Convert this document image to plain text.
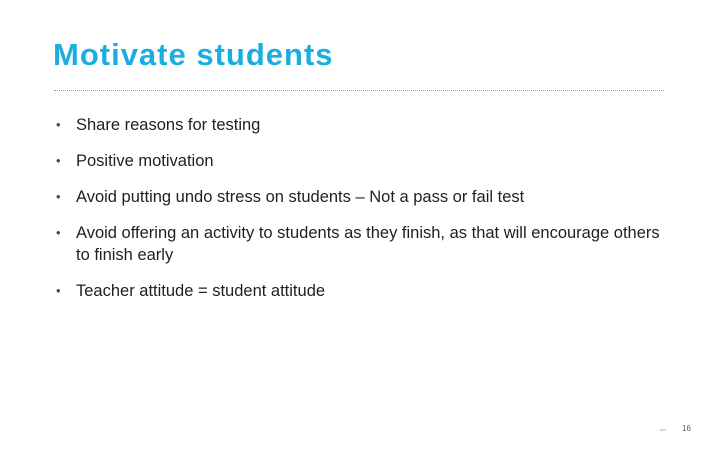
Motivate students
• Share reasons for testing
• Positive motivation
• Avoid putting undo stress on students – Not a pass or fail test
• Avoid offering an activity to students as they finish, as that will encourage others to finish early
• Teacher attitude = student attitude
ard 16
